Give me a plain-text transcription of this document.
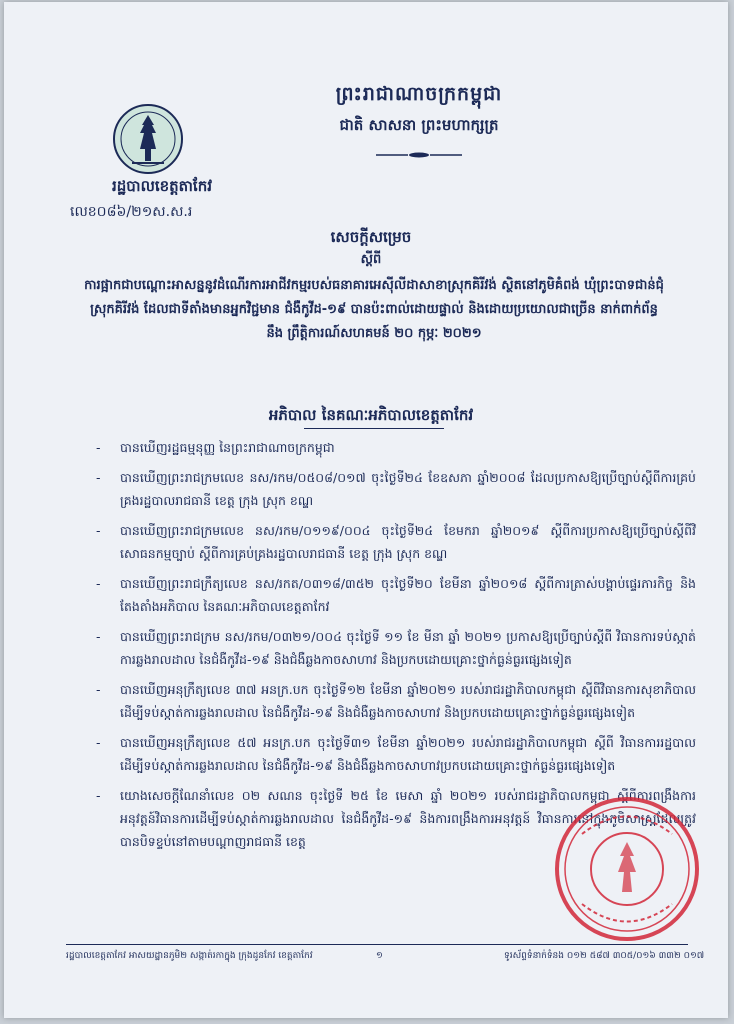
ព្រះរាជាណាចក្រកម្ពុជា
ជាតិ សាសនា ព្រះមហាក្សត្រ
រដ្ឋបាលខេត្តតាកែវ
លេខ០៨៦/២១ស.ស.រ
សេចក្តីសម្រេច
ស្តីពី
ការផ្អាកជាបណ្តោះអាសន្ននូវដំណើរការអាជីវកម្មរបស់ធនាគារអេស៊ីលីដាសាខាស្រុកគិរីវង់ ស្ថិតនៅភូមិគំពង់ ឃុំព្រះបាទជាន់ជុំ ស្រុកគិរីវង់ ដែលជាទីតាំងមានអ្នកវិជ្ជមាន ជំងឺកូវីដ-១៩ បានប៉ះពាល់ដោយផ្ទាល់ និងដោយប្រយោលជាច្រើន នាក់ពាក់ព័ន្ធនឹង ព្រឹត្តិការណ៍សហគមន៍ ២០ កុម្ភៈ ២០២១
អភិបាល នៃគណៈអភិបាលខេត្តតាកែវ
- បានឃើញរដ្ឋធម្មនុញ្ញ នៃព្រះរាជាណាចក្រកម្ពុជា
- បានឃើញព្រះរាជក្រមលេខ នស/រកម/០៥០៨/០១៧ ចុះថ្ងៃទី២៤ ខែឧសភា ឆ្នាំ២០០៨ ដែលប្រកាសឱ្យប្រើច្បាប់ស្តីពីការគ្រប់គ្រងរដ្ឋបាលរាជធានី ខេត្ត ក្រុង ស្រុក ខណ្ឌ
- បានឃើញព្រះរាជក្រមលេខ នស/រកម/០១១៩/០០៤ ចុះថ្ងៃទី២៤ ខែមករា ឆ្នាំ២០១៩ ស្តីពីការប្រកាសឱ្យប្រើច្បាប់ស្តីពីវិសោធនកម្មច្បាប់ ស្តីពីការគ្រប់គ្រងរដ្ឋបាលរាជធានី ខេត្ត ក្រុង ស្រុក ខណ្ឌ
- បានឃើញព្រះរាជក្រឹត្យលេខ នស/រកត/០៣១៨/៣៥២ ចុះថ្ងៃទី២០ ខែមីនា ឆ្នាំ២០១៨ ស្តីពីការត្រាស់បង្គាប់ផ្ទេរភារកិច្ច និងតែងតាំងអភិបាល នៃគណៈអភិបាលខេត្តតាកែវ
- បានឃើញព្រះរាជក្រម នស/រកម/០៣២១/០០៤ ចុះថ្ងៃទី ១១ ខែ មីនា ឆ្នាំ ២០២១ ប្រកាសឱ្យប្រើច្បាប់ស្តីពី វិធានការទប់ស្កាត់ការឆ្លងរាលដាល នៃជំងឺកូវីដ-១៩ និងជំងឺឆ្លងកាចសាហាវ និងប្រកបដោយគ្រោះថ្នាក់ធ្ងន់ធ្ងរផ្សេងទៀត
- បានឃើញអនុក្រឹត្យលេខ ៣៧ អនក្រ.បក ចុះថ្ងៃទី១២ ខែមីនា ឆ្នាំ២០២១ របស់រាជរដ្ឋាភិបាលកម្ពុជា ស្តីពីវិធានការសុខាភិបាលដើម្បីទប់ស្កាត់ការឆ្លងរាលដាល នៃជំងឺកូវីដ-១៩ និងជំងឺឆ្លងកាចសាហាវ និងប្រកបដោយគ្រោះថ្នាក់ធ្ងន់ធ្ងរផ្សេងទៀត
- បានឃើញអនុក្រឹត្យលេខ ៥៧ អនក្រ.បក ចុះថ្ងៃទី៣១ ខែមីនា ឆ្នាំ២០២១ របស់រាជរដ្ឋាភិបាលកម្ពុជា ស្តីពី វិធានការរដ្ឋបាល ដើម្បីទប់ស្កាត់ការឆ្លងរាលដាល នៃជំងឺកូវីដ-១៩ និងជំងឺឆ្លងកាចសាហាវប្រកបដោយគ្រោះថ្នាក់ធ្ងន់ធ្ងរផ្សេងទៀត
- យោងសេចក្តីណែនាំលេខ ០២ សណន ចុះថ្ងៃទី ២៥ ខែ មេសា ឆ្នាំ ២០២១ របស់រាជរដ្ឋាភិបាលកម្ពុជា ស្តីពីការពង្រឹងការអនុវត្តន៍វិធានការដើម្បីទប់ស្កាត់ការឆ្លងរាលដាល នៃជំងឺកូវីដ-១៩ និងការពង្រឹងការអនុវត្តន៍ វិធានការនៅក្នុងភូមិសាស្ត្រដែលត្រូវបានបិទខ្ទប់នៅតាមបណ្តាញរាជធានី ខេត្ត
រដ្ឋបាលខេត្តតាកែវ អាសយដ្ឋានភូមិ២ សង្កាត់រកាក្នុង ក្រុងដូនកែវ ខេត្តតាកែវ	១	ទូរស័ព្ទទំនាក់ទំនង ០១២ ៥៨៧ ៣០៥/០១៦ ៣៣២ ០១៧
